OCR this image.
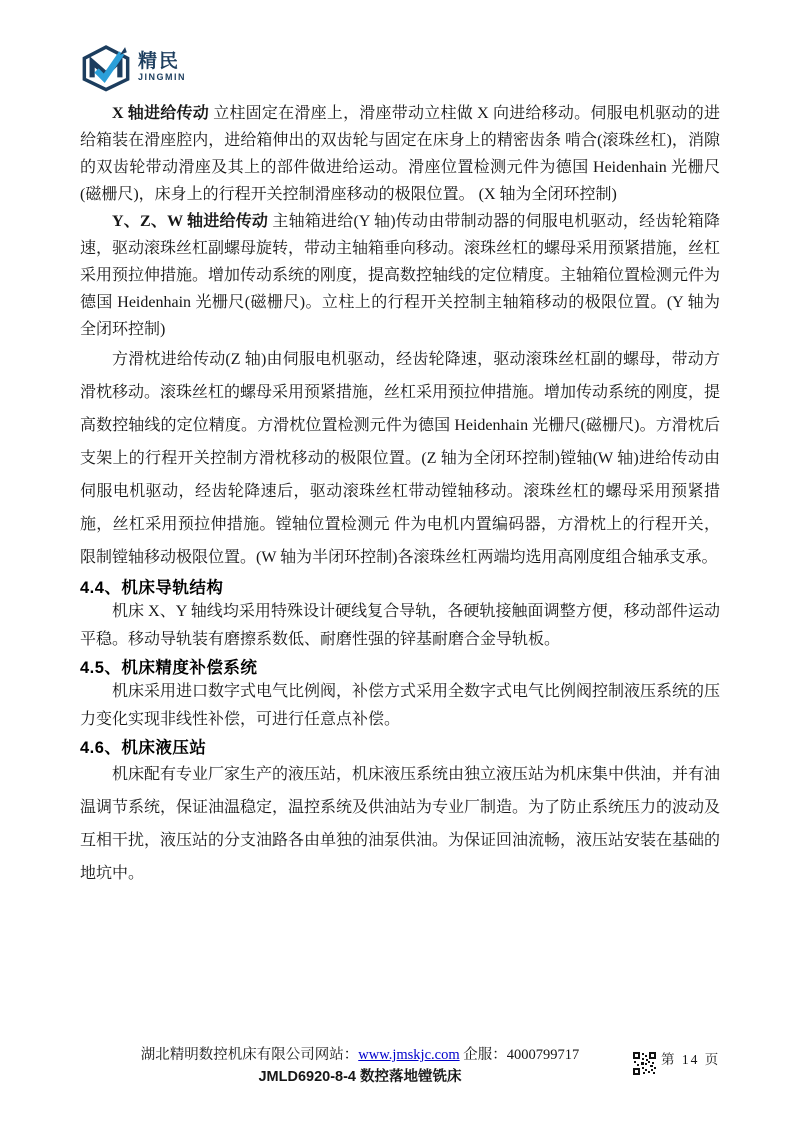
精民
JINGMIN

X 轴进给传动 立柱固定在滑座上，滑座带动立柱做 X 向进给移动。伺服电机驱动的进给箱装在滑座腔内，进给箱伸出的双齿轮与固定在床身上的精密齿条 啃合(滚珠丝杠)，消隙的双齿轮带动滑座及其上的部件做进给运动。滑座位置检测元件为德国 Heidenhain 光栅尺(磁栅尺)，床身上的行程开关控制滑座移动的极限位置。 (X 轴为全闭环控制)

Y、Z、W 轴进给传动 主轴箱进给(Y 轴)传动由带制动器的伺服电机驱动，经齿轮箱降速，驱动滚珠丝杠副螺母旋转，带动主轴箱垂向移动。滚珠丝杠的螺母采用预紧措施，丝杠采用预拉伸措施。增加传动系统的刚度，提高数控轴线的定位精度。主轴箱位置检测元件为德国 Heidenhain 光栅尺(磁栅尺)。立柱上的行程开关控制主轴箱移动的极限位置。(Y 轴为全闭环控制)

方滑枕进给传动(Z 轴)由伺服电机驱动，经齿轮降速，驱动滚珠丝杠副的螺母，带动方滑枕移动。滚珠丝杠的螺母采用预紧措施，丝杠采用预拉伸措施。增加传动系统的刚度，提高数控轴线的定位精度。方滑枕位置检测元件为德国 Heidenhain 光栅尺(磁栅尺)。方滑枕后支架上的行程开关控制方滑枕移动的极限位置。(Z 轴为全闭环控制)镗轴(W 轴)进给传动由伺服电机驱动，经齿轮降速后，驱动滚珠丝杠带动镗轴移动。滚珠丝杠的螺母采用预紧措施，丝杠采用预拉伸措施。镗轴位置检测元 件为电机内置编码器，方滑枕上的行程开关，限制镗轴移动极限位置。(W 轴为半闭环控制)各滚珠丝杠两端均选用高刚度组合轴承支承。

4.4、机床导轨结构

机床 X、Y 轴线均采用特殊设计硬线复合导轨，各硬轨接触面调整方便，移动部件运动平稳。移动导轨装有磨擦系数低、耐磨性强的锌基耐磨合金导轨板。

4.5、机床精度补偿系统

机床采用进口数字式电气比例阀，补偿方式采用全数字式电气比例阀控制液压系统的压力变化实现非线性补偿，可进行任意点补偿。

4.6、机床液压站

机床配有专业厂家生产的液压站，机床液压系统由独立液压站为机床集中供油，并有油温调节系统，保证油温稳定，温控系统及供油站为专业厂制造。为了防止系统压力的波动及互相干扰，液压站的分支油路各由单独的油泵供油。为保证回油流畅，液压站安装在基础的地坑中。

湖北精明数控机床有限公司网站：www.jmskjc.com 企服：4000799717
JMLD6920-8-4 数控落地镗铣床
第 14 页
